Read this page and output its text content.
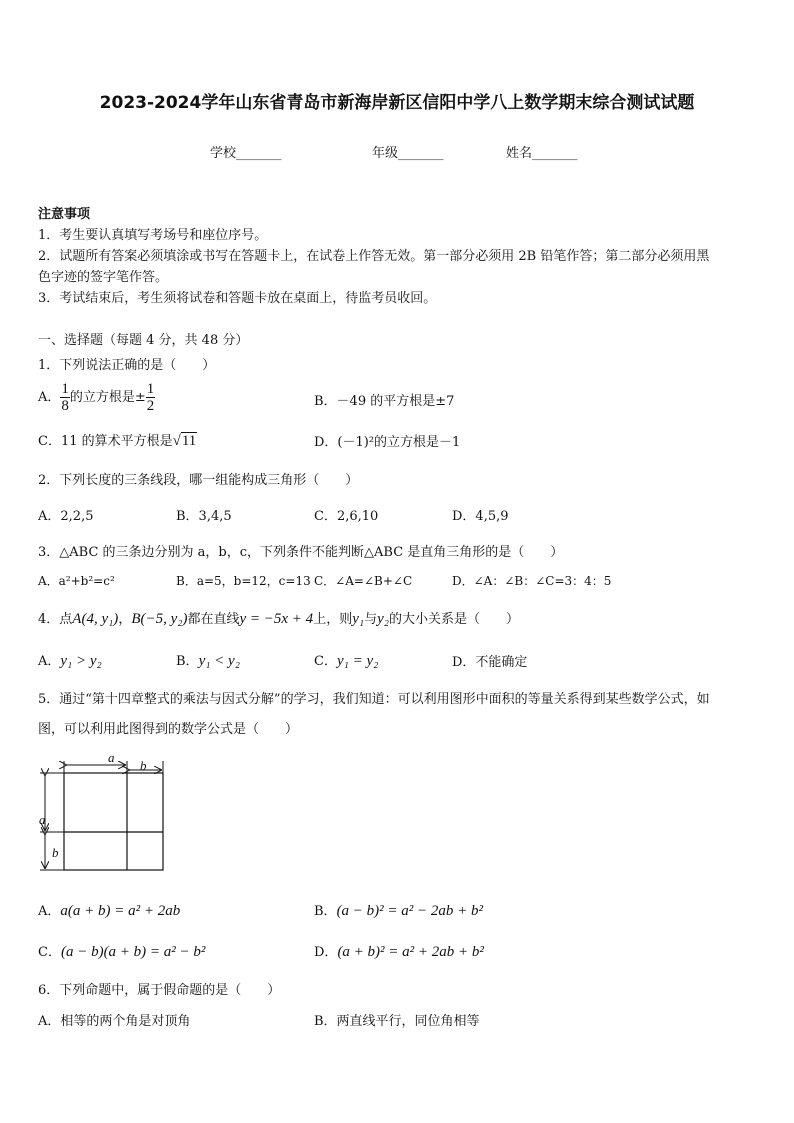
2023-2024学年山东省青岛市新海岸新区信阳中学八上数学期末综合测试试题
学校_______	年级_______	姓名_______
注意事项
1．考生要认真填写考场号和座位序号。
2．试题所有答案必须填涂或书写在答题卡上，在试卷上作答无效。第一部分必须用 2B 铅笔作答；第二部分必须用黑
色字迹的签字笔作答。
3．考试结束后，考生须将试卷和答题卡放在桌面上，待监考员收回。
一、选择题（每题 4 分，共 48 分）
1．下列说法正确的是（　　）
A． $\frac{1}{8}$ 的立方根是± $\frac{1}{2}$	B．－49 的平方根是±7
C．11 的算术平方根是√11	D．(－1)²的立方根是－1
2．下列长度的三条线段，哪一组能构成三角形（　　）
A．2,2,5	B．3,4,5	C．2,6,10	D．4,5,9
3．△ABC 的三条边分别为 a，b，c，下列条件不能判断△ABC 是直角三角形的是（　　）
A．a²+b²=c²	B．a=5，b=12，c=13 C．∠A=∠B+∠C	D．∠A：∠B：∠C=3：4：5
4．点A(4, y₁)，B(−5, y₂)都在直线y = −5x + 4上，则y₁与y₂的大小关系是（　　）
A．y₁ > y₂	B．y₁ < y₂	C．y₁ = y₂	D．不能确定
5．通过“第十四章整式的乘法与因式分解”的学习，我们知道：可以利用图形中面积的等量关系得到某些数学公式，如
图，可以利用此图得到的数学公式是（　　）
a
b
a
b
A．a(a + b) = a² + 2ab	B．(a − b)² = a² − 2ab + b²
C．(a − b)(a + b) = a² − b²	D．(a + b)² = a² + 2ab + b²
6．下列命题中，属于假命题的是（　　）
A．相等的两个角是对顶角	B．两直线平行，同位角相等
